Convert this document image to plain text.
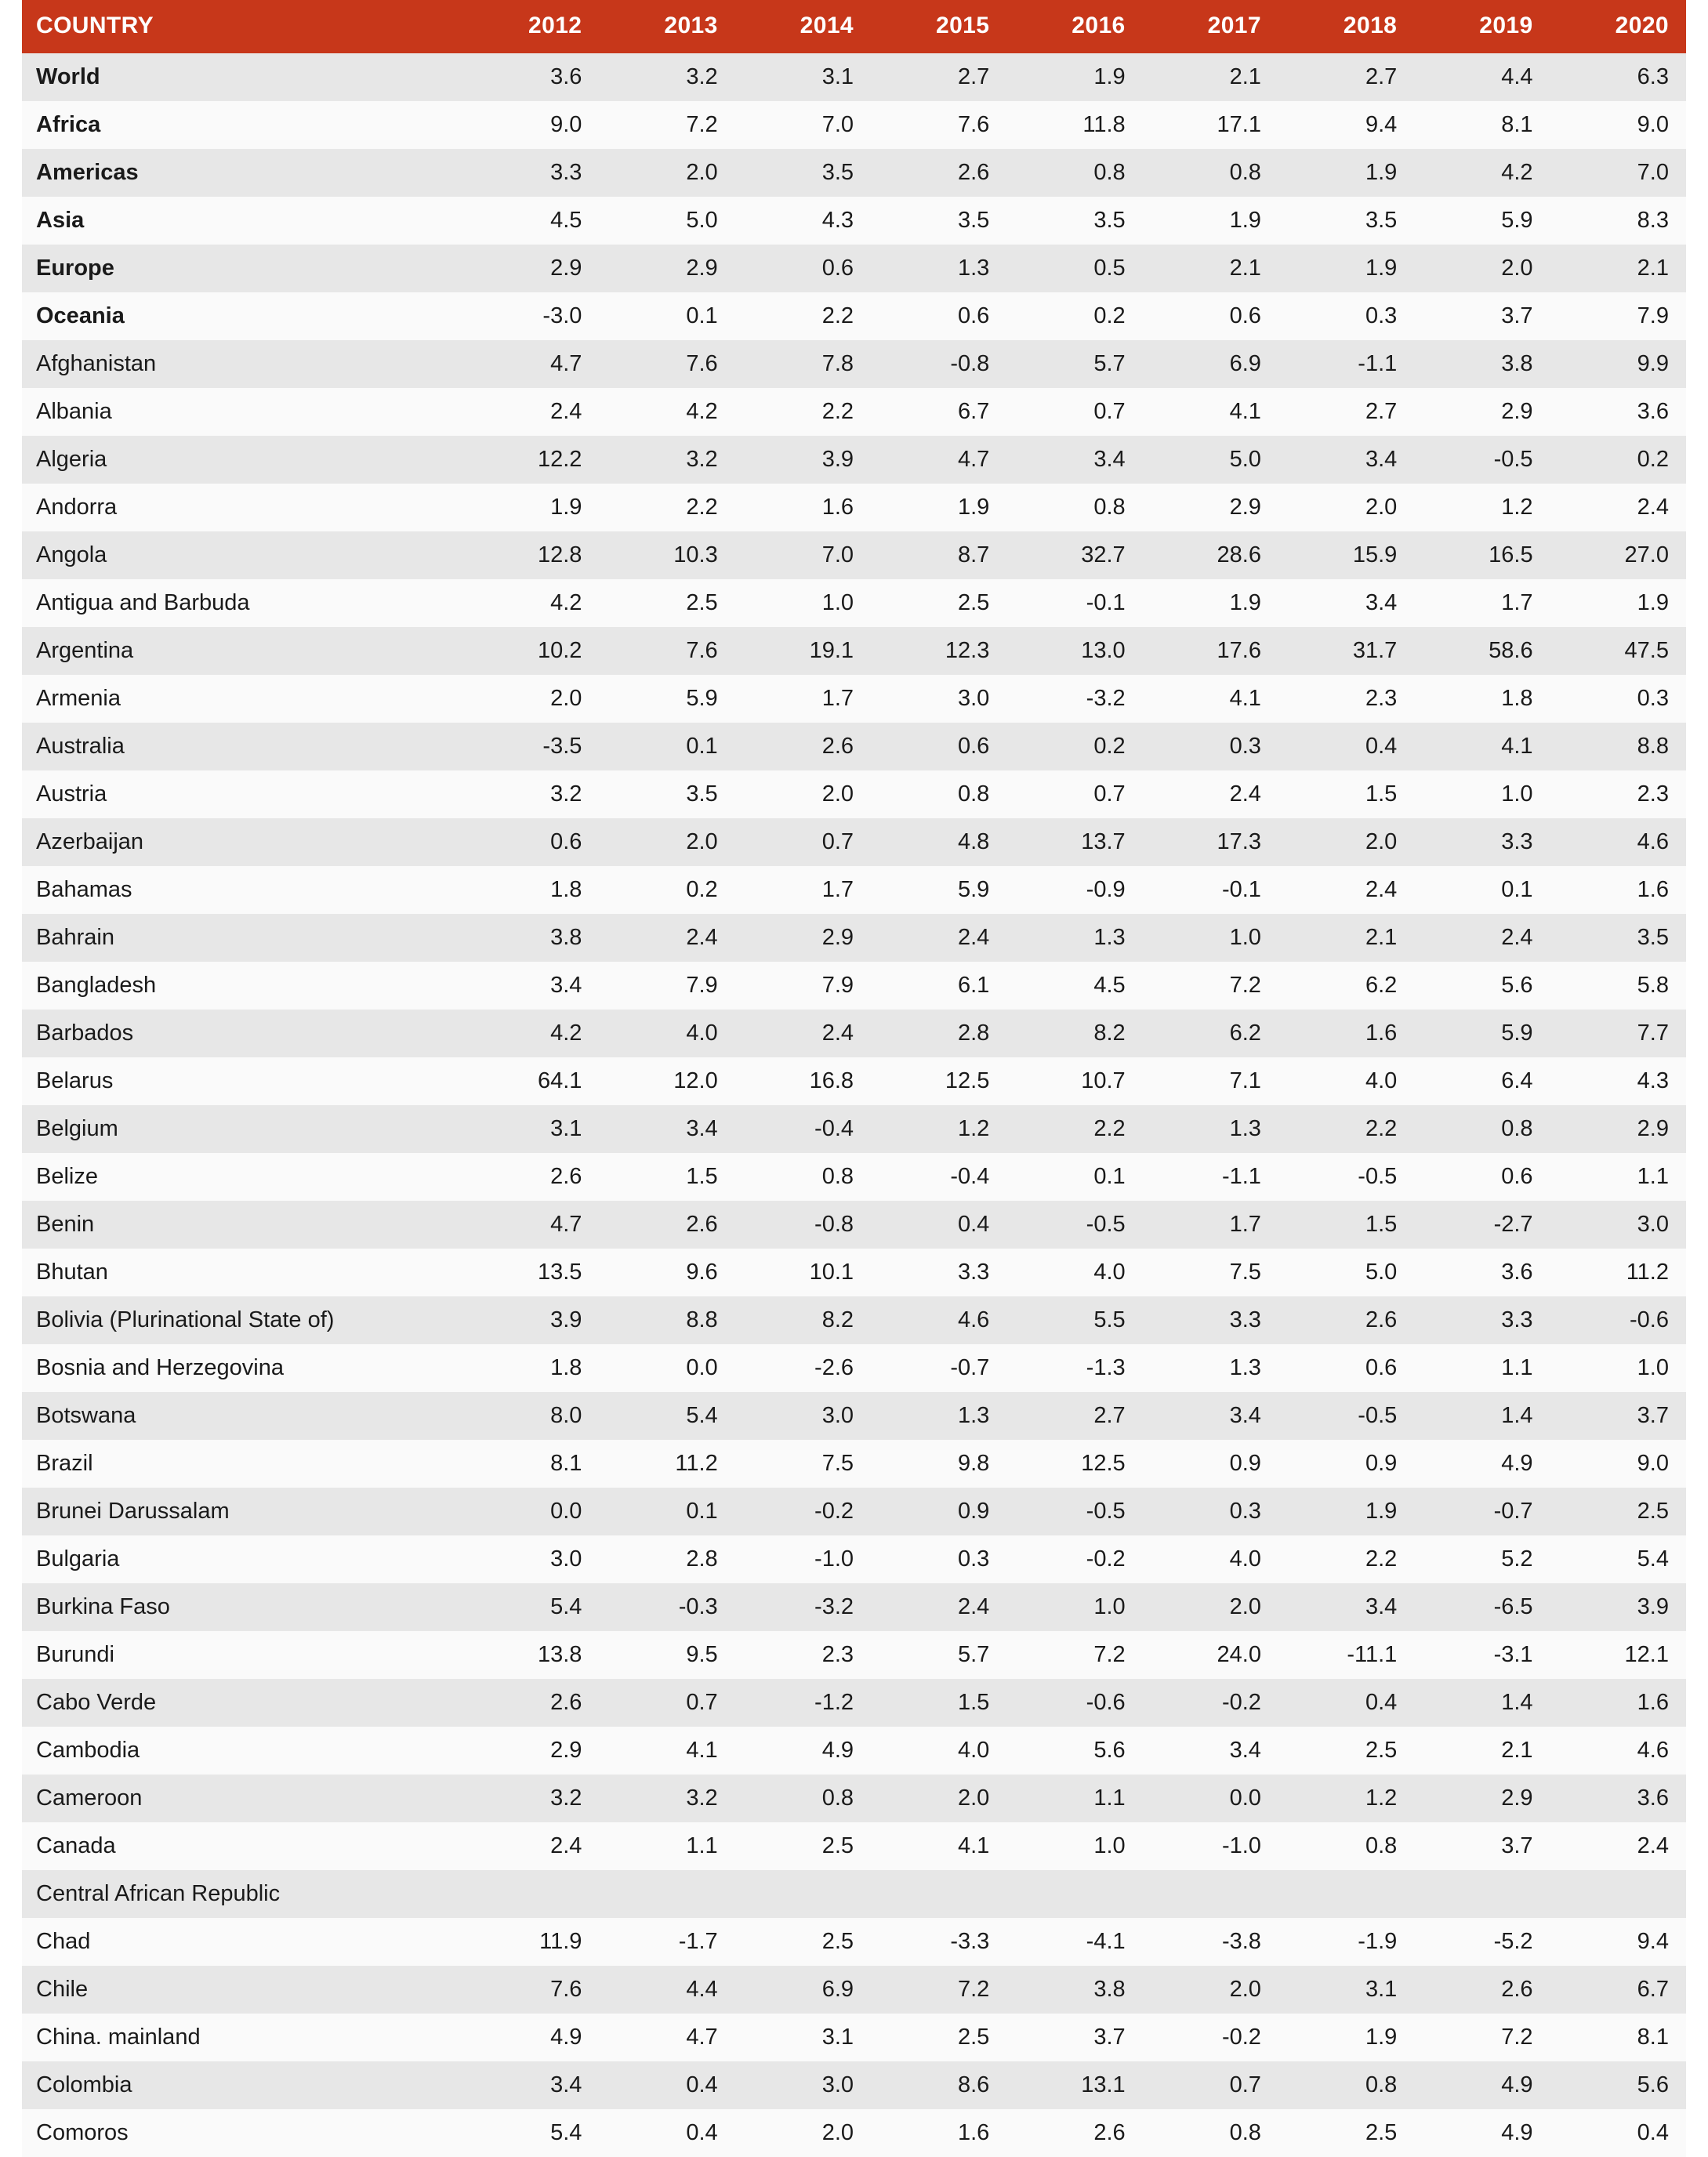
COUNTRY	2012	2013	2014	2015	2016	2017	2018	2019	2020
World	3.6	3.2	3.1	2.7	1.9	2.1	2.7	4.4	6.3
Africa	9.0	7.2	7.0	7.6	11.8	17.1	9.4	8.1	9.0
Americas	3.3	2.0	3.5	2.6	0.8	0.8	1.9	4.2	7.0
Asia	4.5	5.0	4.3	3.5	3.5	1.9	3.5	5.9	8.3
Europe	2.9	2.9	0.6	1.3	0.5	2.1	1.9	2.0	2.1
Oceania	-3.0	0.1	2.2	0.6	0.2	0.6	0.3	3.7	7.9
Afghanistan	4.7	7.6	7.8	-0.8	5.7	6.9	-1.1	3.8	9.9
Albania	2.4	4.2	2.2	6.7	0.7	4.1	2.7	2.9	3.6
Algeria	12.2	3.2	3.9	4.7	3.4	5.0	3.4	-0.5	0.2
Andorra	1.9	2.2	1.6	1.9	0.8	2.9	2.0	1.2	2.4
Angola	12.8	10.3	7.0	8.7	32.7	28.6	15.9	16.5	27.0
Antigua and Barbuda	4.2	2.5	1.0	2.5	-0.1	1.9	3.4	1.7	1.9
Argentina	10.2	7.6	19.1	12.3	13.0	17.6	31.7	58.6	47.5
Armenia	2.0	5.9	1.7	3.0	-3.2	4.1	2.3	1.8	0.3
Australia	-3.5	0.1	2.6	0.6	0.2	0.3	0.4	4.1	8.8
Austria	3.2	3.5	2.0	0.8	0.7	2.4	1.5	1.0	2.3
Azerbaijan	0.6	2.0	0.7	4.8	13.7	17.3	2.0	3.3	4.6
Bahamas	1.8	0.2	1.7	5.9	-0.9	-0.1	2.4	0.1	1.6
Bahrain	3.8	2.4	2.9	2.4	1.3	1.0	2.1	2.4	3.5
Bangladesh	3.4	7.9	7.9	6.1	4.5	7.2	6.2	5.6	5.8
Barbados	4.2	4.0	2.4	2.8	8.2	6.2	1.6	5.9	7.7
Belarus	64.1	12.0	16.8	12.5	10.7	7.1	4.0	6.4	4.3
Belgium	3.1	3.4	-0.4	1.2	2.2	1.3	2.2	0.8	2.9
Belize	2.6	1.5	0.8	-0.4	0.1	-1.1	-0.5	0.6	1.1
Benin	4.7	2.6	-0.8	0.4	-0.5	1.7	1.5	-2.7	3.0
Bhutan	13.5	9.6	10.1	3.3	4.0	7.5	5.0	3.6	11.2
Bolivia (Plurinational State of)	3.9	8.8	8.2	4.6	5.5	3.3	2.6	3.3	-0.6
Bosnia and Herzegovina	1.8	0.0	-2.6	-0.7	-1.3	1.3	0.6	1.1	1.0
Botswana	8.0	5.4	3.0	1.3	2.7	3.4	-0.5	1.4	3.7
Brazil	8.1	11.2	7.5	9.8	12.5	0.9	0.9	4.9	9.0
Brunei Darussalam	0.0	0.1	-0.2	0.9	-0.5	0.3	1.9	-0.7	2.5
Bulgaria	3.0	2.8	-1.0	0.3	-0.2	4.0	2.2	5.2	5.4
Burkina Faso	5.4	-0.3	-3.2	2.4	1.0	2.0	3.4	-6.5	3.9
Burundi	13.8	9.5	2.3	5.7	7.2	24.0	-11.1	-3.1	12.1
Cabo Verde	2.6	0.7	-1.2	1.5	-0.6	-0.2	0.4	1.4	1.6
Cambodia	2.9	4.1	4.9	4.0	5.6	3.4	2.5	2.1	4.6
Cameroon	3.2	3.2	0.8	2.0	1.1	0.0	1.2	2.9	3.6
Canada	2.4	1.1	2.5	4.1	1.0	-1.0	0.8	3.7	2.4
Central African Republic									
Chad	11.9	-1.7	2.5	-3.3	-4.1	-3.8	-1.9	-5.2	9.4
Chile	7.6	4.4	6.9	7.2	3.8	2.0	3.1	2.6	6.7
China. mainland	4.9	4.7	3.1	2.5	3.7	-0.2	1.9	7.2	8.1
Colombia	3.4	0.4	3.0	8.6	13.1	0.7	0.8	4.9	5.6
Comoros	5.4	0.4	2.0	1.6	2.6	0.8	2.5	4.9	0.4
